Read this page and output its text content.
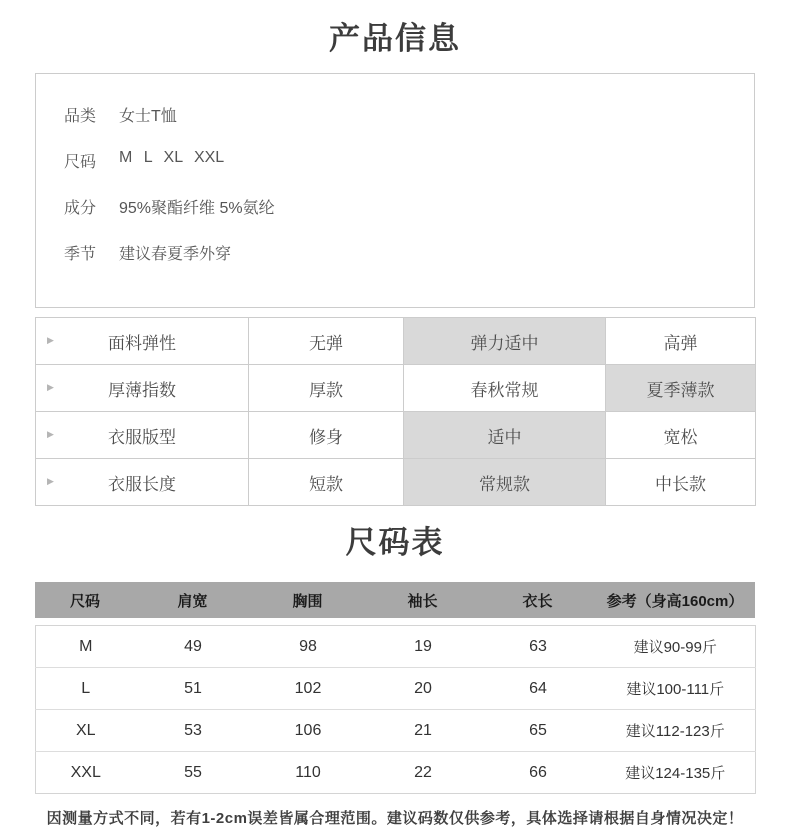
产品信息
品类	女士T恤
尺码	M L XL XXL
成分	95%聚酯纤维 5%氨纶
季节	建议春夏季外穿
▶ 面料弹性	无弹	弹力适中	高弹

▶ 厚薄指数	厚款	春秋常规	夏季薄款

▶ 衣服版型	修身	适中	宽松

▶ 衣服长度	短款	常规款	中长款
尺码表
尺码	肩宽	胸围	袖长	衣长	参考（身高160cm）
M	49	98	19	63	建议90-99斤
L	51	102	20	64	建议100-111斤
XL	53	106	21	65	建议112-123斤
XXL	55	110	22	66	建议124-135斤
因测量方式不同，若有1-2cm误差皆属合理范围。建议码数仅供参考，具体选择请根据自身情况决定！
